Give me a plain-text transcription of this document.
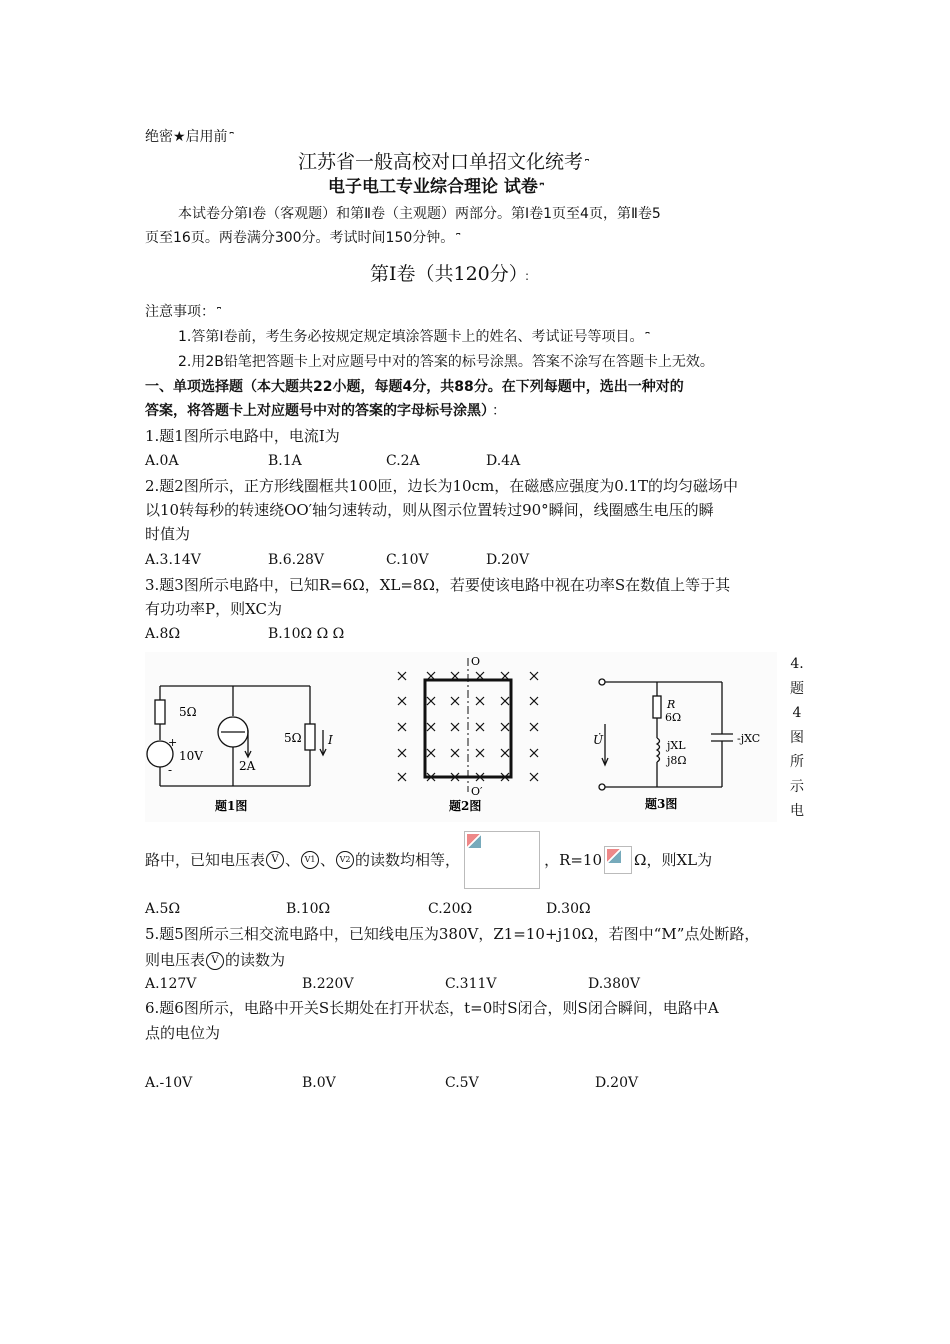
绝密★启用前 ⎴
江苏省一般高校对口单招文化统考 ⎴
电子电工专业综合理论 试卷 ⎴
本试卷分第Ⅰ卷（客观题）和第Ⅱ卷（主观题）两部分。第Ⅰ卷1页至4页，第Ⅱ卷5
页至16页。两卷满分300分。考试时间150分钟。 ⎴
第Ⅰ卷（共120分） ：
注意事项： ⎴
1.答第Ⅰ卷前，考生务必按规定规定填涂答题卡上的姓名、考试证号等项目。 ⎴
2.用2B铅笔把答题卡上对应题号中对的答案的标号涂黑。答案不涂写在答题卡上无效。
一、单项选择题（本大题共22小题，每题4分，共88分。在下列每题中，选出一种对的
答案，将答题卡上对应题号中对的答案的字母标号涂黑） ：
1.题1图所示电路中，电流I为
A.0A	B.1A	C.2A	D.4A
2.题2图所示，正方形线圈框共100匝，边长为10cm，在磁感应强度为0.1T的均匀磁场中
以10转每秒的转速绕OO′轴匀速转动，则从图示位置转过90°瞬间，线圈感生电压的瞬
时值为
A.3.14V	B.6.28V	C.10V	D.20V
3.题3图所示电路中，已知R=6Ω，XL=8Ω，若要使该电路中视在功率S在数值上等于其
有功功率P，则XC为
A.8Ω	B.10Ω Ω Ω
5Ω
10V
+
-	2A
5Ω I
题1图
O
O′
题2图
U̇
R
6Ω
jXL
j8Ω
-jXC
题3图
4.
题
4
图
所
示
电
路中，已知电压表 V 、 V1 、 V2 的读数均相等，	，R=10 Ω，则XL为
A.5Ω	B.10Ω	C.20Ω	D.30Ω
5.题5图所示三相交流电路中，已知线电压为380V，Z1=10+j10Ω，若图中“M”点处断路，
则电压表 V 的读数为
A.127V	B.220V	C.311V	D.380V
6.题6图所示，电路中开关S长期处在打开状态，t=0时S闭合，则S闭合瞬间，电路中A
点的电位为
A.-10V	B.0V	C.5V	D.20V
